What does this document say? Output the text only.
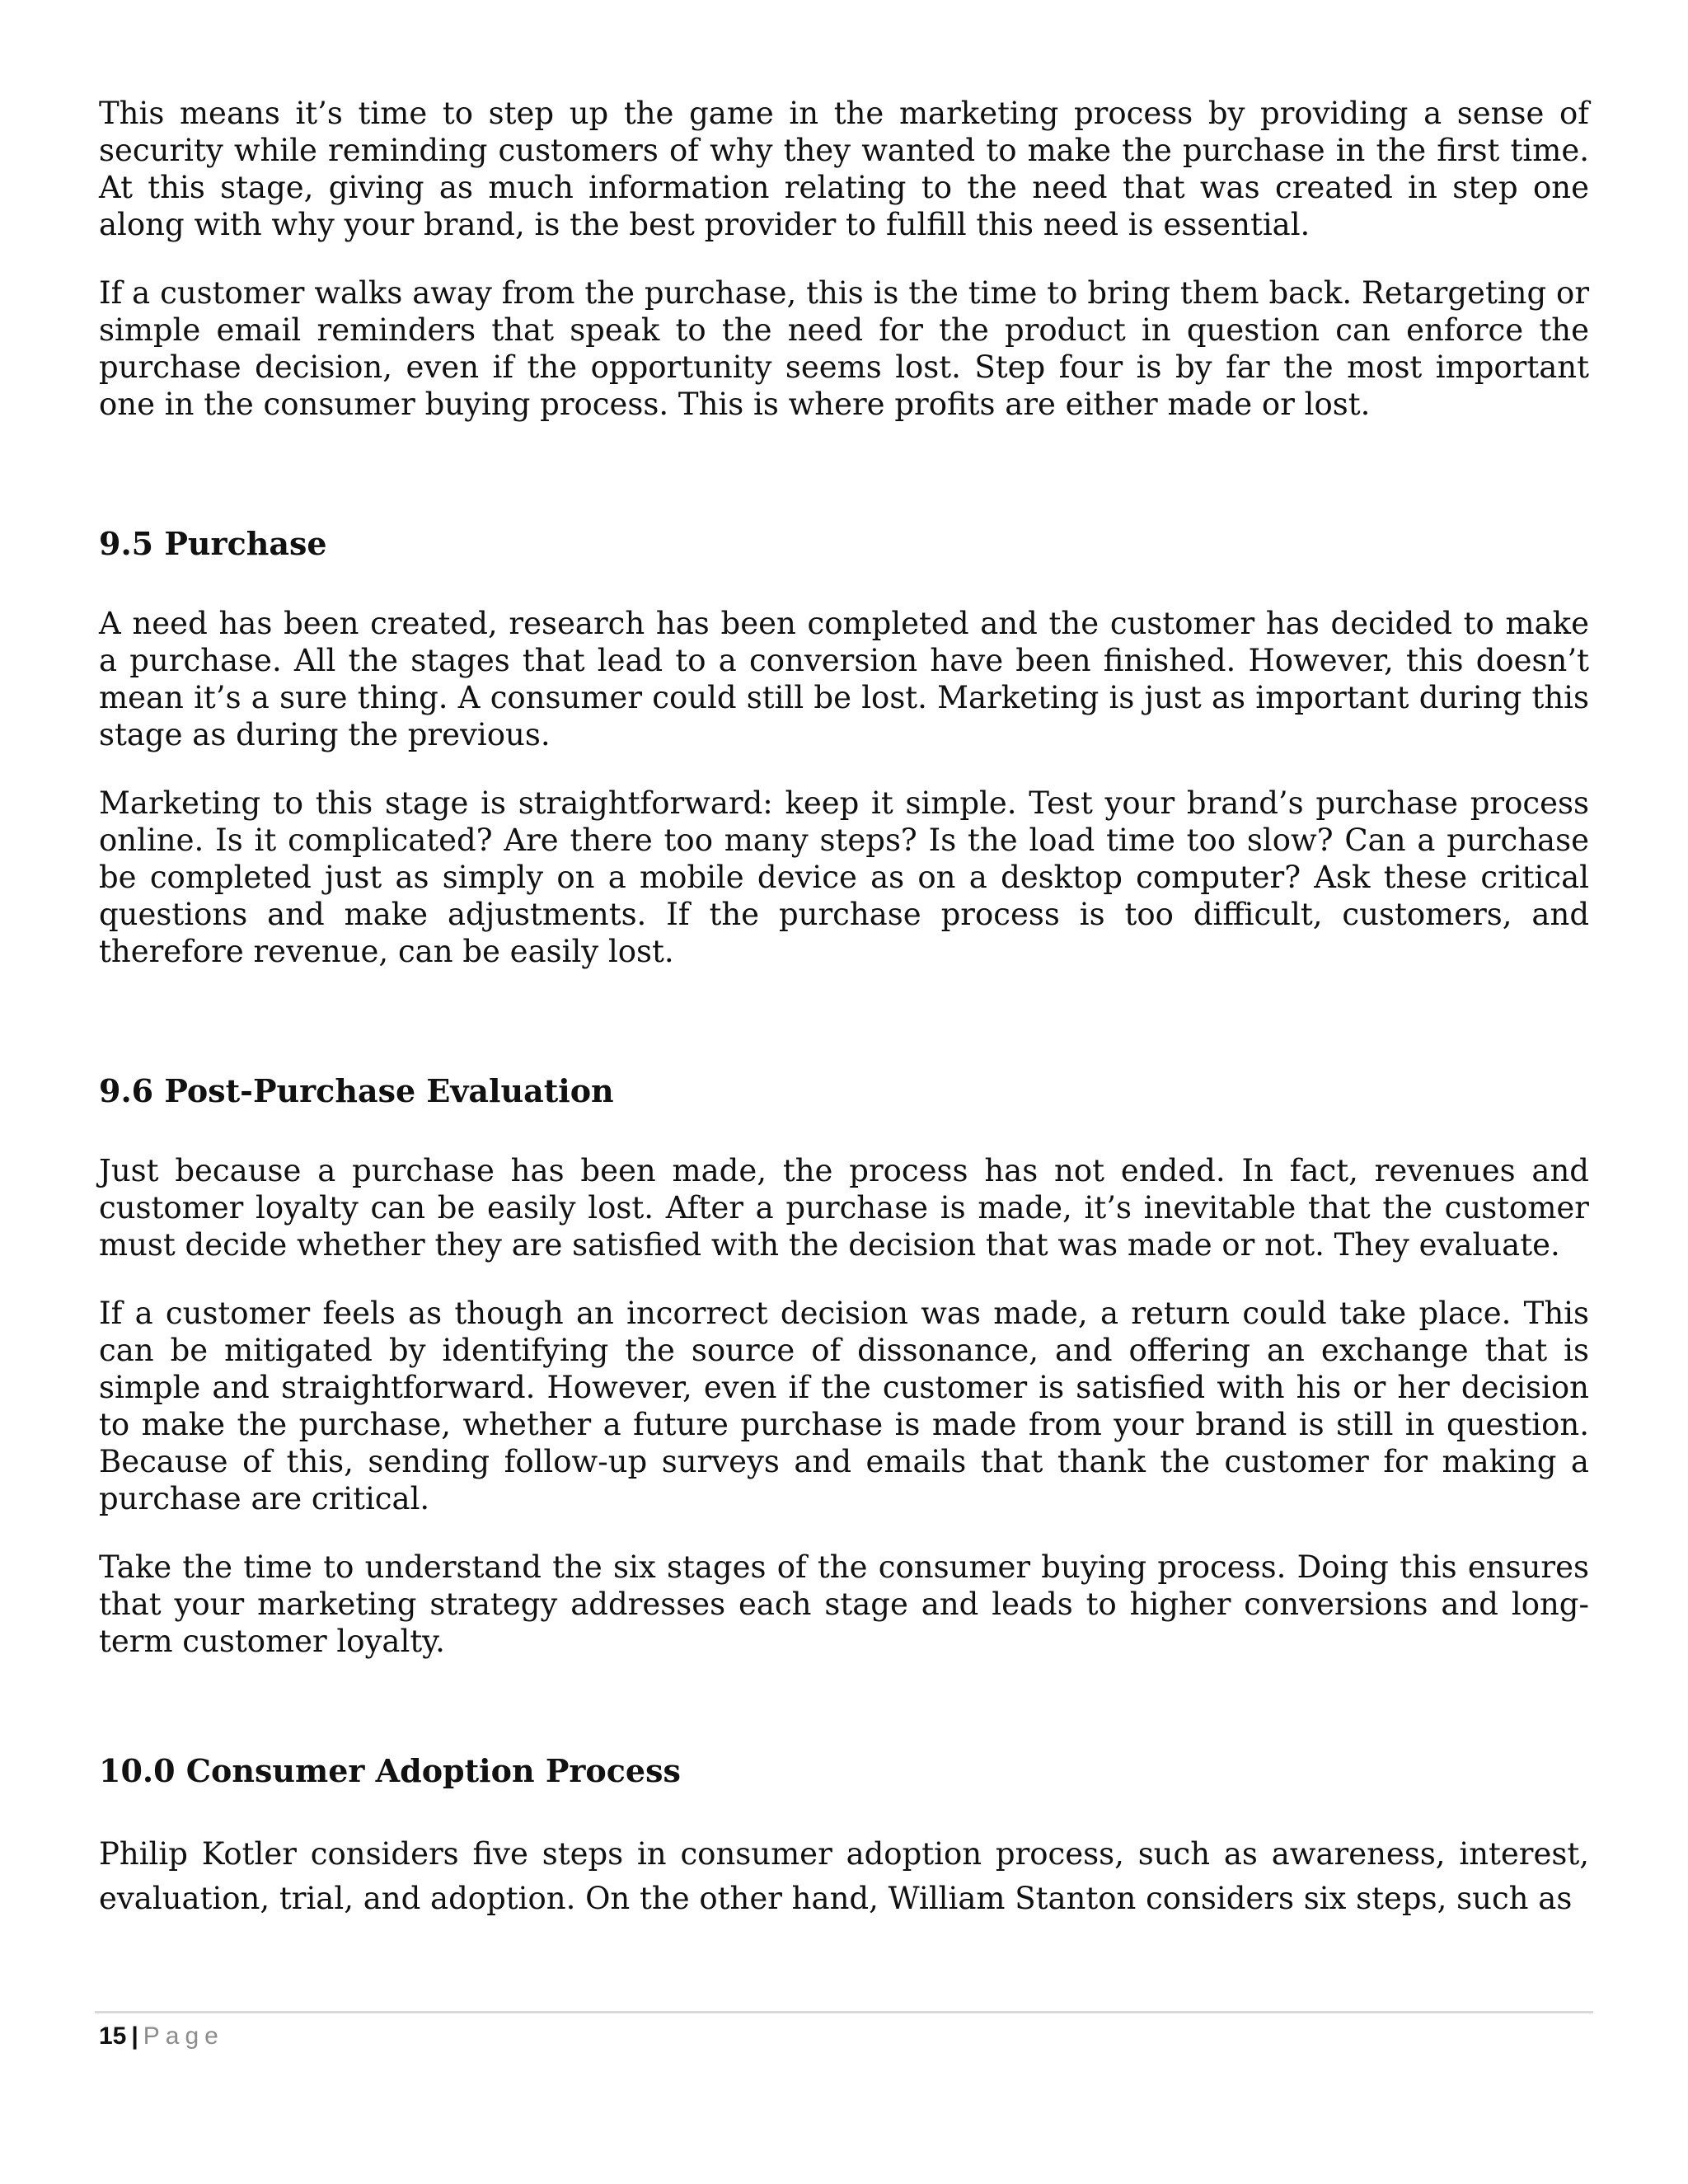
This means it’s time to step up the game in the marketing process by providing a sense of security while reminding customers of why they wanted to make the purchase in the first time. At this stage, giving as much information relating to the need that was created in step one along with why your brand, is the best provider to fulfill this need is essential.

If a customer walks away from the purchase, this is the time to bring them back. Retargeting or simple email reminders that speak to the need for the product in question can enforce the purchase decision, even if the opportunity seems lost. Step four is by far the most important one in the consumer buying process. This is where profits are either made or lost.

9.5 Purchase

A need has been created, research has been completed and the customer has decided to make a purchase. All the stages that lead to a conversion have been finished. However, this doesn’t mean it’s a sure thing. A consumer could still be lost. Marketing is just as important during this stage as during the previous.

Marketing to this stage is straightforward: keep it simple. Test your brand’s purchase process online. Is it complicated? Are there too many steps? Is the load time too slow? Can a purchase be completed just as simply on a mobile device as on a desktop computer? Ask these critical questions and make adjustments. If the purchase process is too difficult, customers, and therefore revenue, can be easily lost.

9.6 Post-Purchase Evaluation

Just because a purchase has been made, the process has not ended. In fact, revenues and customer loyalty can be easily lost. After a purchase is made, it’s inevitable that the customer must decide whether they are satisfied with the decision that was made or not. They evaluate.

If a customer feels as though an incorrect decision was made, a return could take place. This can be mitigated by identifying the source of dissonance, and offering an exchange that is simple and straightforward. However, even if the customer is satisfied with his or her decision to make the purchase, whether a future purchase is made from your brand is still in question. Because of this, sending follow-up surveys and emails that thank the customer for making a purchase are critical.

Take the time to understand the six stages of the consumer buying process. Doing this ensures that your marketing strategy addresses each stage and leads to higher conversions and long-term customer loyalty.

10.0 Consumer Adoption Process

Philip Kotler considers five steps in consumer adoption process, such as awareness, interest, evaluation, trial, and adoption. On the other hand, William Stanton considers six steps, such as

15 | Page
